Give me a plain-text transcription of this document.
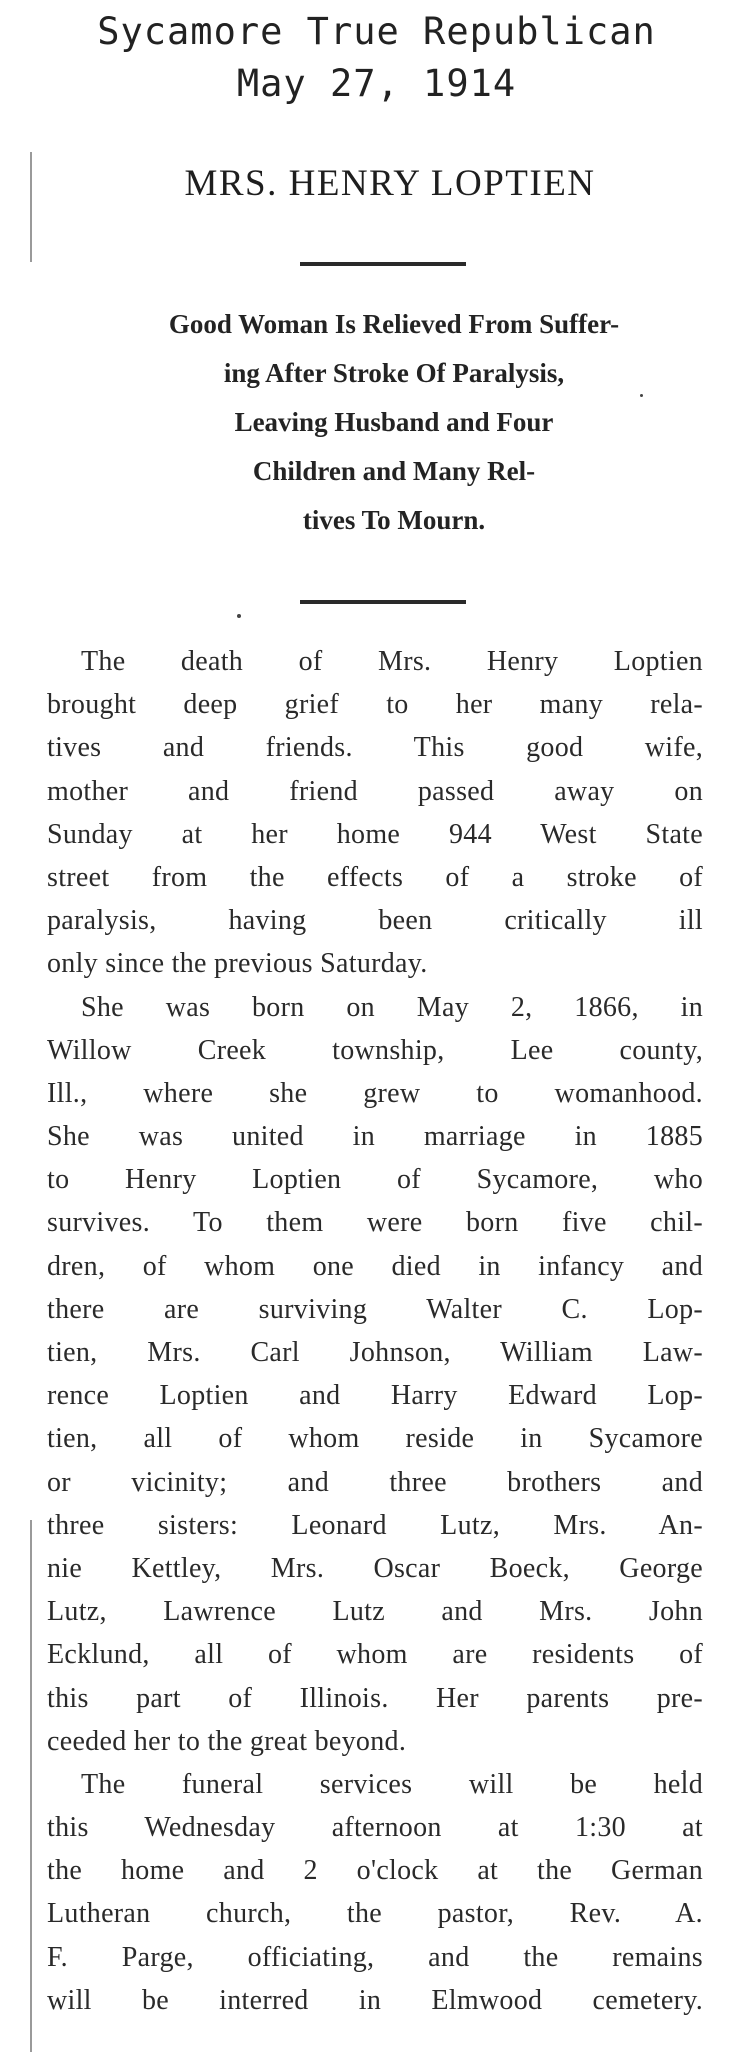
Sycamore True Republican
May 27, 1914
MRS. HENRY LOPTIEN
Good Woman Is Relieved From Suffer-
ing After Stroke Of Paralysis,
Leaving Husband and Four
Children and Many Rel-
tives To Mourn.
The death of Mrs. Henry Loptien
brought deep grief to her many rela-
tives and friends. This good wife,
mother and friend passed away on
Sunday at her home 944 West State
street from the effects of a stroke of
paralysis, having been critically ill
only since the previous Saturday.
She was born on May 2, 1866, in
Willow Creek township, Lee county,
Ill., where she grew to womanhood.
She was united in marriage in 1885
to Henry Loptien of Sycamore, who
survives. To them were born five chil-
dren, of whom one died in infancy and
there are surviving Walter C. Lop-
tien, Mrs. Carl Johnson, William Law-
rence Loptien and Harry Edward Lop-
tien, all of whom reside in Sycamore
or vicinity; and three brothers and
three sisters: Leonard Lutz, Mrs. An-
nie Kettley, Mrs. Oscar Boeck, George
Lutz, Lawrence Lutz and Mrs. John
Ecklund, all of whom are residents of
this part of Illinois. Her parents pre-
ceeded her to the great beyond.
The funeral services will be held
this Wednesday afternoon at 1:30 at
the home and 2 o'clock at the German
Lutheran church, the pastor, Rev. A.
F. Parge, officiating, and the remains
will be interred in Elmwood cemetery.
